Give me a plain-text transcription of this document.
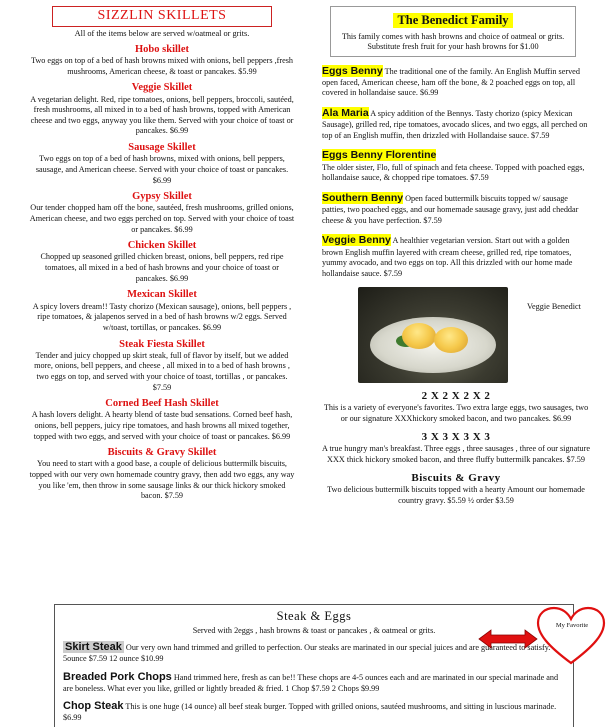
SIZZLIN SKILLETS
All of the items below are served w/oatmeal or grits.
Hobo skillet
Two eggs on top of a bed of hash browns mixed with onions, bell peppers ,fresh mushrooms, American cheese, & toast or pancakes. $5.99
Veggie Skillet
A vegetarian delight. Red, ripe tomatoes, onions, bell peppers, broccoli, sautéed, fresh mushrooms, all mixed in to a bed of hash browns, topped with American cheese and two eggs, anyway you like them. Served with your choice of toast or pancakes. $6.99
Sausage Skillet
Two eggs on top of a bed of hash browns, mixed with onions, bell peppers, sausage, and American cheese. Served with your choice of toast or pancakes. $6.99
Gypsy Skillet
Our tender chopped ham off the bone, sautéed, fresh mushrooms, grilled onions, American cheese, and two eggs perched on top. Served with your choice of toast or pancakes. $6.99
Chicken Skillet
Chopped up seasoned grilled chicken breast, onions, bell peppers, red ripe tomatoes, all mixed in a bed of hash browns and your choice of toast or pancakes. $6.99
Mexican Skillet
A spicy lovers dream!! Tasty chorizo (Mexican sausage), onions, bell peppers , ripe tomatoes, & jalapenos served in a bed of hash browns w/2 eggs. Served w/toast, tortillas, or pancakes. $6.99
Steak Fiesta Skillet
Tender and juicy chopped up skirt steak, full of flavor by itself, but we added more, onions, bell peppers, and cheese , all mixed in to a bed of hash browns , two eggs on top, and served with your choice of toast, tortillas , or pancakes. $7.59
Corned Beef Hash Skillet
A hash lovers delight. A hearty blend of taste bud sensations. Corned beef hash, onions, bell peppers, juicy ripe tomatoes, and hash browns all mixed together, topped with two eggs, and served with your choice of toast or pancakes. $6.99
Biscuits & Gravy Skillet
You need to start with a good base, a couple of delicious buttermilk biscuits, topped with our very own homemade country gravy, then add two eggs, any way you like 'em, then throw in some sausage links & our thick hickory smoked bacon. $7.59
The Benedict Family
This family comes with hash browns and choice of oatmeal or grits. Substitute fresh fruit for your hash browns for $1.00
Eggs Benny The traditional one of the family. An English Muffin served open faced, American cheese, ham off the bone, & 2 poached eggs on top, all covered in hollandaise sauce. $6.99
Ala Maria A spicy addition of the Bennys. Tasty chorizo (spicy Mexican Sausage), grilled red, ripe tomatoes, avocado slices, and two eggs, all perched on top of an English muffin, then drizzled with Hollandaise sauce. $7.59
Eggs Benny Florentine
The older sister, Flo, full of spinach and feta cheese. Topped with poached eggs, hollandaise sauce, & chopped ripe tomatoes. $7.59
Southern Benny Open faced buttermilk biscuits topped w/ sausage patties, two poached eggs, and our homemade sausage gravy, just add cheddar cheese & you have perfection. $7.59
Veggie Benny A healthier vegetarian version. Start out with a golden brown English muffin layered with cream cheese, grilled red, ripe tomatoes, yummy avocado, and two eggs on top. All this drizzled with our home made hollandaise sauce. $7.59
Veggie Benedict
2 X 2 X 2 X 2
This is a variety of everyone's favorites. Two extra large eggs, two sausages, two or our signature XXXhickory smoked bacon, and two pancakes. $6.99
3 X 3 X 3 X 3
A true hungry man's breakfast. Three eggs , three sausages , three of our signature XXX thick hickory smoked bacon, and three fluffy buttermilk pancakes. $7.59
Biscuits & Gravy
Two delicious buttermilk biscuits topped with a hearty Amount our homemade country gravy. $5.59 ½ order $3.59
Steak & Eggs
Served with 2eggs , hash browns & toast or pancakes , & oatmeal or grits.
Skirt Steak Our very own hand trimmed and grilled to perfection. Our steaks are marinated in our special juices and are guaranteed to satisfy. 5ounce $7.59 12 ounce $10.99
Breaded Pork Chops Hand trimmed here, fresh as can be!! These chops are 4-5 ounces each and are marinated in our special marinade and are boneless. What ever you like, grilled or lightly breaded & fried. 1 Chop $7.59 2 Chops $9.99
Chop Steak This is one huge (14 ounce) all beef steak burger. Topped with grilled onions, sautéed mushrooms, and sitting in luscious marinade. $6.99
My Favorite
